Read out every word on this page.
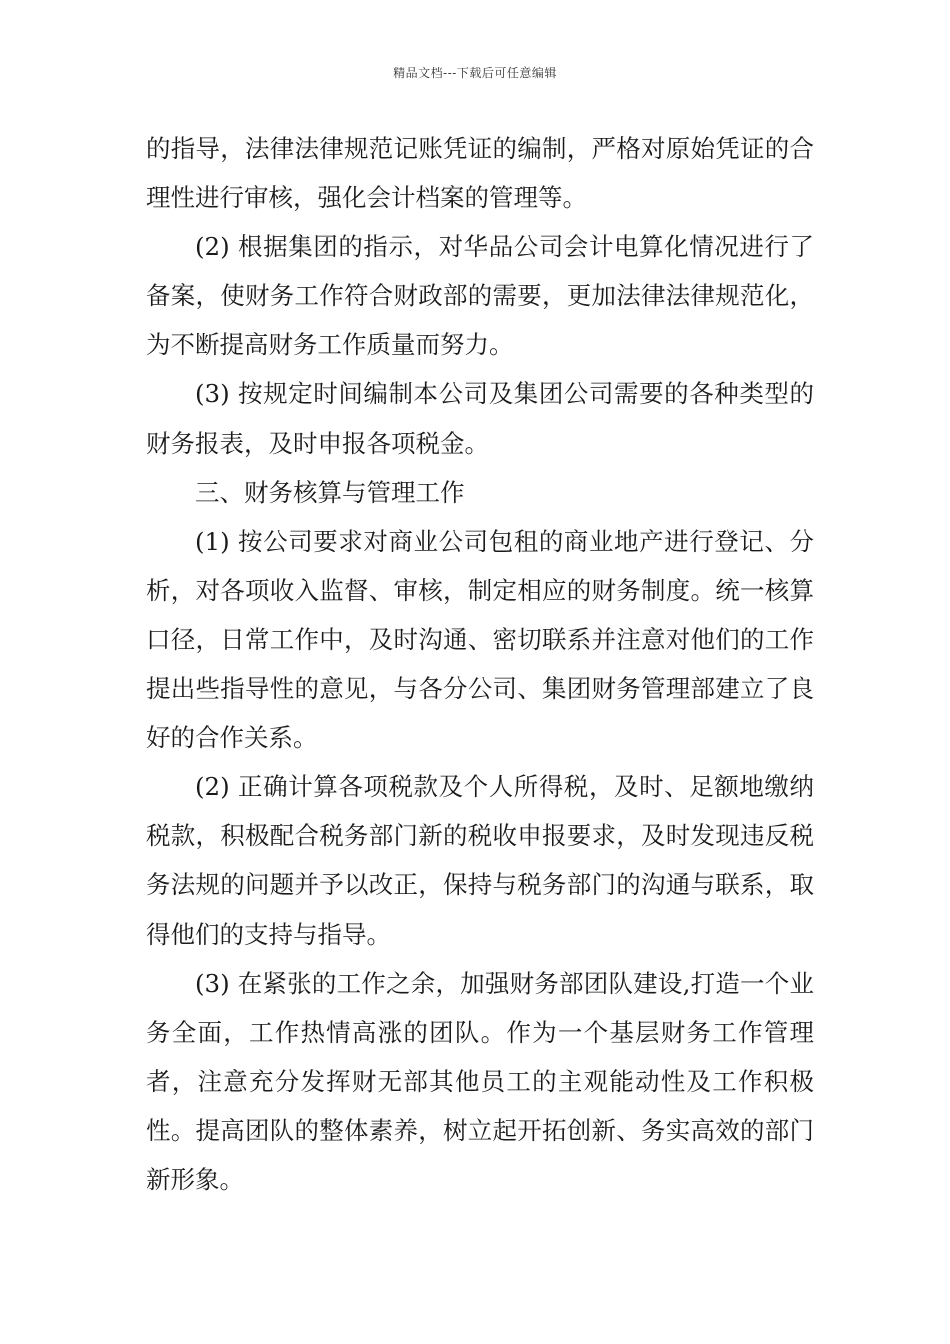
精品文档---下载后可任意编辑

的指导，法律法律规范记账凭证的编制，严格对原始凭证的合理性进行审核，强化会计档案的管理等。

(2) 根据集团的指示，对华品公司会计电算化情况进行了备案，使财务工作符合财政部的需要，更加法律法律规范化，为不断提高财务工作质量而努力。

(3) 按规定时间编制本公司及集团公司需要的各种类型的财务报表，及时申报各项税金。

三、财务核算与管理工作

(1) 按公司要求对商业公司包租的商业地产进行登记、分析，对各项收入监督、审核，制定相应的财务制度。统一核算口径，日常工作中，及时沟通、密切联系并注意对他们的工作提出些指导性的意见，与各分公司、集团财务管理部建立了良好的合作关系。

(2) 正确计算各项税款及个人所得税，及时、足额地缴纳税款，积极配合税务部门新的税收申报要求，及时发现违反税务法规的问题并予以改正，保持与税务部门的沟通与联系，取得他们的支持与指导。

(3) 在紧张的工作之余，加强财务部团队建设,打造一个业务全面，工作热情高涨的团队。作为一个基层财务工作管理者，注意充分发挥财无部其他员工的主观能动性及工作积极性。提高团队的整体素养，树立起开拓创新、务实高效的部门新形象。
